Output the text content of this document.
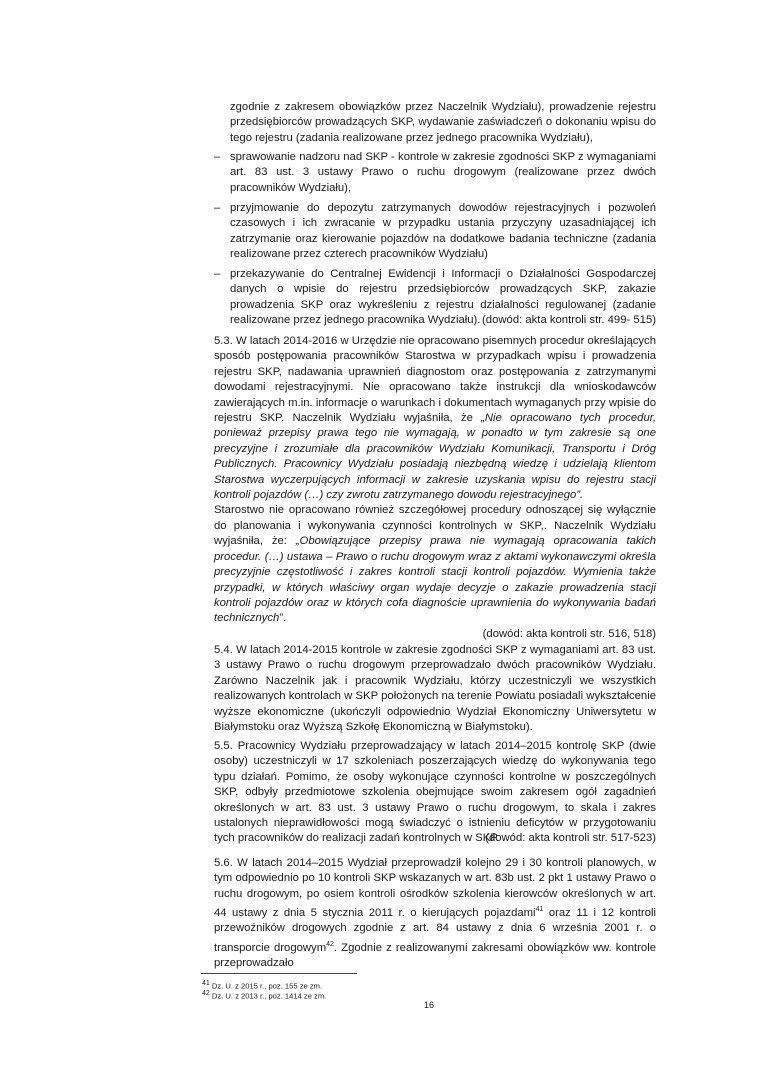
zgodnie z zakresem obowiązków przez Naczelnik Wydziału), prowadzenie rejestru przedsiębiorców prowadzących SKP, wydawanie zaświadczeń o dokonaniu wpisu do tego rejestru (zadania realizowane przez jednego pracownika Wydziału),

– sprawowanie nadzoru nad SKP - kontrole w zakresie zgodności SKP z wymaganiami art. 83 ust. 3 ustawy Prawo o ruchu drogowym (realizowane przez dwóch pracowników Wydziału),

– przyjmowanie do depozytu zatrzymanych dowodów rejestracyjnych i pozwoleń czasowych i ich zwracanie w przypadku ustania przyczyny uzasadniającej ich zatrzymanie oraz kierowanie pojazdów na dodatkowe badania techniczne (zadania realizowane przez czterech pracowników Wydziału)

– przekazywanie do Centralnej Ewidencji i Informacji o Działalności Gospodarczej danych o wpisie do rejestru przedsiębiorców prowadzących SKP, zakazie prowadzenia SKP oraz wykreśleniu z rejestru działalności regulowanej (zadanie realizowane przez jednego pracownika Wydziału). (dowód: akta kontroli str. 499- 515)

5.3. W latach 2014-2016 w Urzędzie nie opracowano pisemnych procedur określających sposób postępowania pracowników Starostwa w przypadkach wpisu i prowadzenia rejestru SKP, nadawania uprawnień diagnostom oraz postępowania z zatrzymanymi dowodami rejestracyjnymi. Nie opracowano także instrukcji dla wnioskodawców zawierających m.in. informacje o warunkach i dokumentach wymaganych przy wpisie do rejestru SKP. Naczelnik Wydziału wyjaśniła, że „Nie opracowano tych procedur, ponieważ przepisy prawa tego nie wymagają, w ponadto w tym zakresie są one precyzyjne i zrozumiałe dla pracowników Wydziału Komunikacji, Transportu i Dróg Publicznych. Pracownicy Wydziału posiadają niezbędną wiedzę i udzielają klientom Starostwa wyczerpujących informacji w zakresie uzyskania wpisu do rejestru stacji kontroli pojazdów (…) czy zwrotu zatrzymanego dowodu rejestracyjnego”.

Starostwo nie opracowano również szczegółowej procedury odnoszącej się wyłącznie do planowania i wykonywania czynności kontrolnych w SKP,. Naczelnik Wydziału wyjaśniła, że: „Obowiązujące przepisy prawa nie wymagają opracowania takich procedur. (…) ustawa – Prawo o ruchu drogowym wraz z aktami wykonawczymi określa precyzyjnie częstotliwość i zakres kontroli stacji kontroli pojazdów. Wymienia także przypadki, w których właściwy organ wydaje decyzje o zakazie prowadzenia stacji kontroli pojazdów oraz w których cofa diagnoście uprawnienia do wykonywania badań technicznych”.

(dowód: akta kontroli str. 516, 518)

5.4. W latach 2014-2015 kontrole w zakresie zgodności SKP z wymaganiami art. 83 ust. 3 ustawy Prawo o ruchu drogowym przeprowadzało dwóch pracowników Wydziału. Zarówno Naczelnik jak i pracownik Wydziału, którzy uczestniczyli we wszystkich realizowanych kontrolach w SKP położonych na terenie Powiatu posiadali wykształcenie wyższe ekonomiczne (ukończyli odpowiednio Wydział Ekonomiczny Uniwersytetu w Białymstoku oraz Wyższą Szkołę Ekonomiczną w Białymstoku).

5.5. Pracownicy Wydziału przeprowadzający w latach 2014–2015 kontrolę SKP (dwie osoby) uczestniczyli w 17 szkoleniach poszerzających wiedzę do wykonywania tego typu działań. Pomimo, że osoby wykonujące czynności kontrolne w poszczególnych SKP, odbyły przedmiotowe szkolenia obejmujące swoim zakresem ogół zagadnień określonych w art. 83 ust. 3 ustawy Prawo o ruchu drogowym, to skala i zakres ustalonych nieprawidłowości mogą świadczyć o istnieniu deficytów w przygotowaniu tych pracowników do realizacji zadań kontrolnych w SKP.

(dowód: akta kontroli str. 517-523)

5.6. W latach 2014–2015 Wydział przeprowadził kolejno 29 i 30 kontroli planowych, w tym odpowiednio po 10 kontroli SKP wskazanych w art. 83b ust. 2 pkt 1 ustawy Prawo o ruchu drogowym, po osiem kontroli ośrodków szkolenia kierowców określonych w art. 44 ustawy z dnia 5 stycznia 2011 r. o kierujących pojazdami$^{41}$ oraz 11 i 12 kontroli przewoźników drogowych zgodnie z art. 84 ustawy z dnia 6 września 2001 r. o transporcie drogowym$^{42}$. Zgodnie z realizowanymi zakresami obowiązków ww. kontrole przeprowadzało

$^{41}$ Dz. U. z 2015 r., poz. 155 ze zm.
$^{42}$ Dz. U. z 2013 r., poz. 1414 ze zm.
16
